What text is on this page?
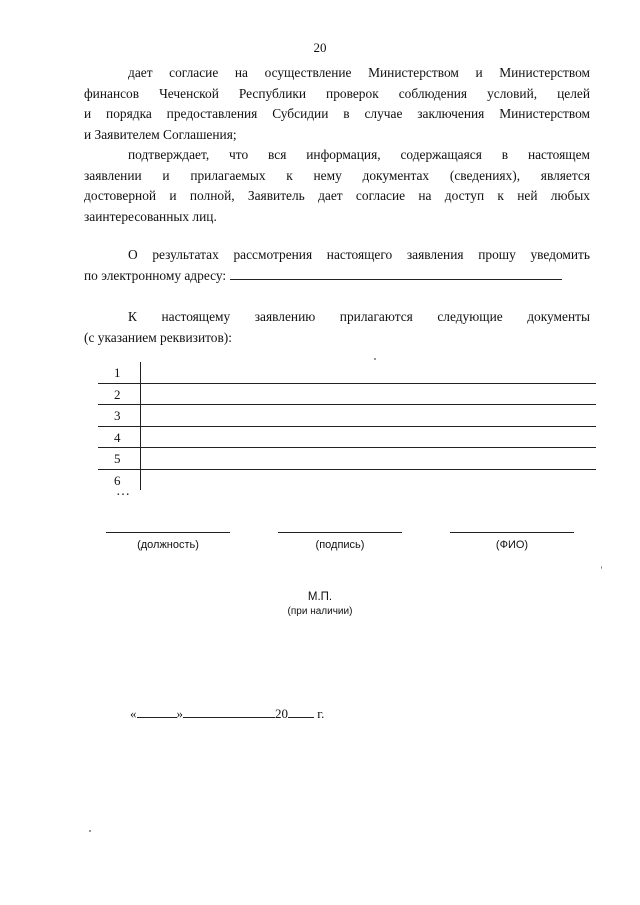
20
дает согласие на осуществление Министерством и Министерством
финансов Чеченской Республики проверок соблюдения условий, целей
и порядка предоставления Субсидии в случае заключения Министерством
и Заявителем Соглашения;
подтверждает, что вся информация, содержащаяся в настоящем
заявлении и прилагаемых к нему документах (сведениях), является
достоверной и полной, Заявитель дает согласие на доступ к ней любых
заинтересованных лиц.
О результатах рассмотрения настоящего заявления прошу уведомить
по электронному адресу:
К настоящему заявлению прилагаются следующие документы
(с указанием реквизитов):
1
2
3
4
5
6
…
(должность)	(подпись)	(ФИО)
М.П.
(при наличии)
«	»	20 г.
